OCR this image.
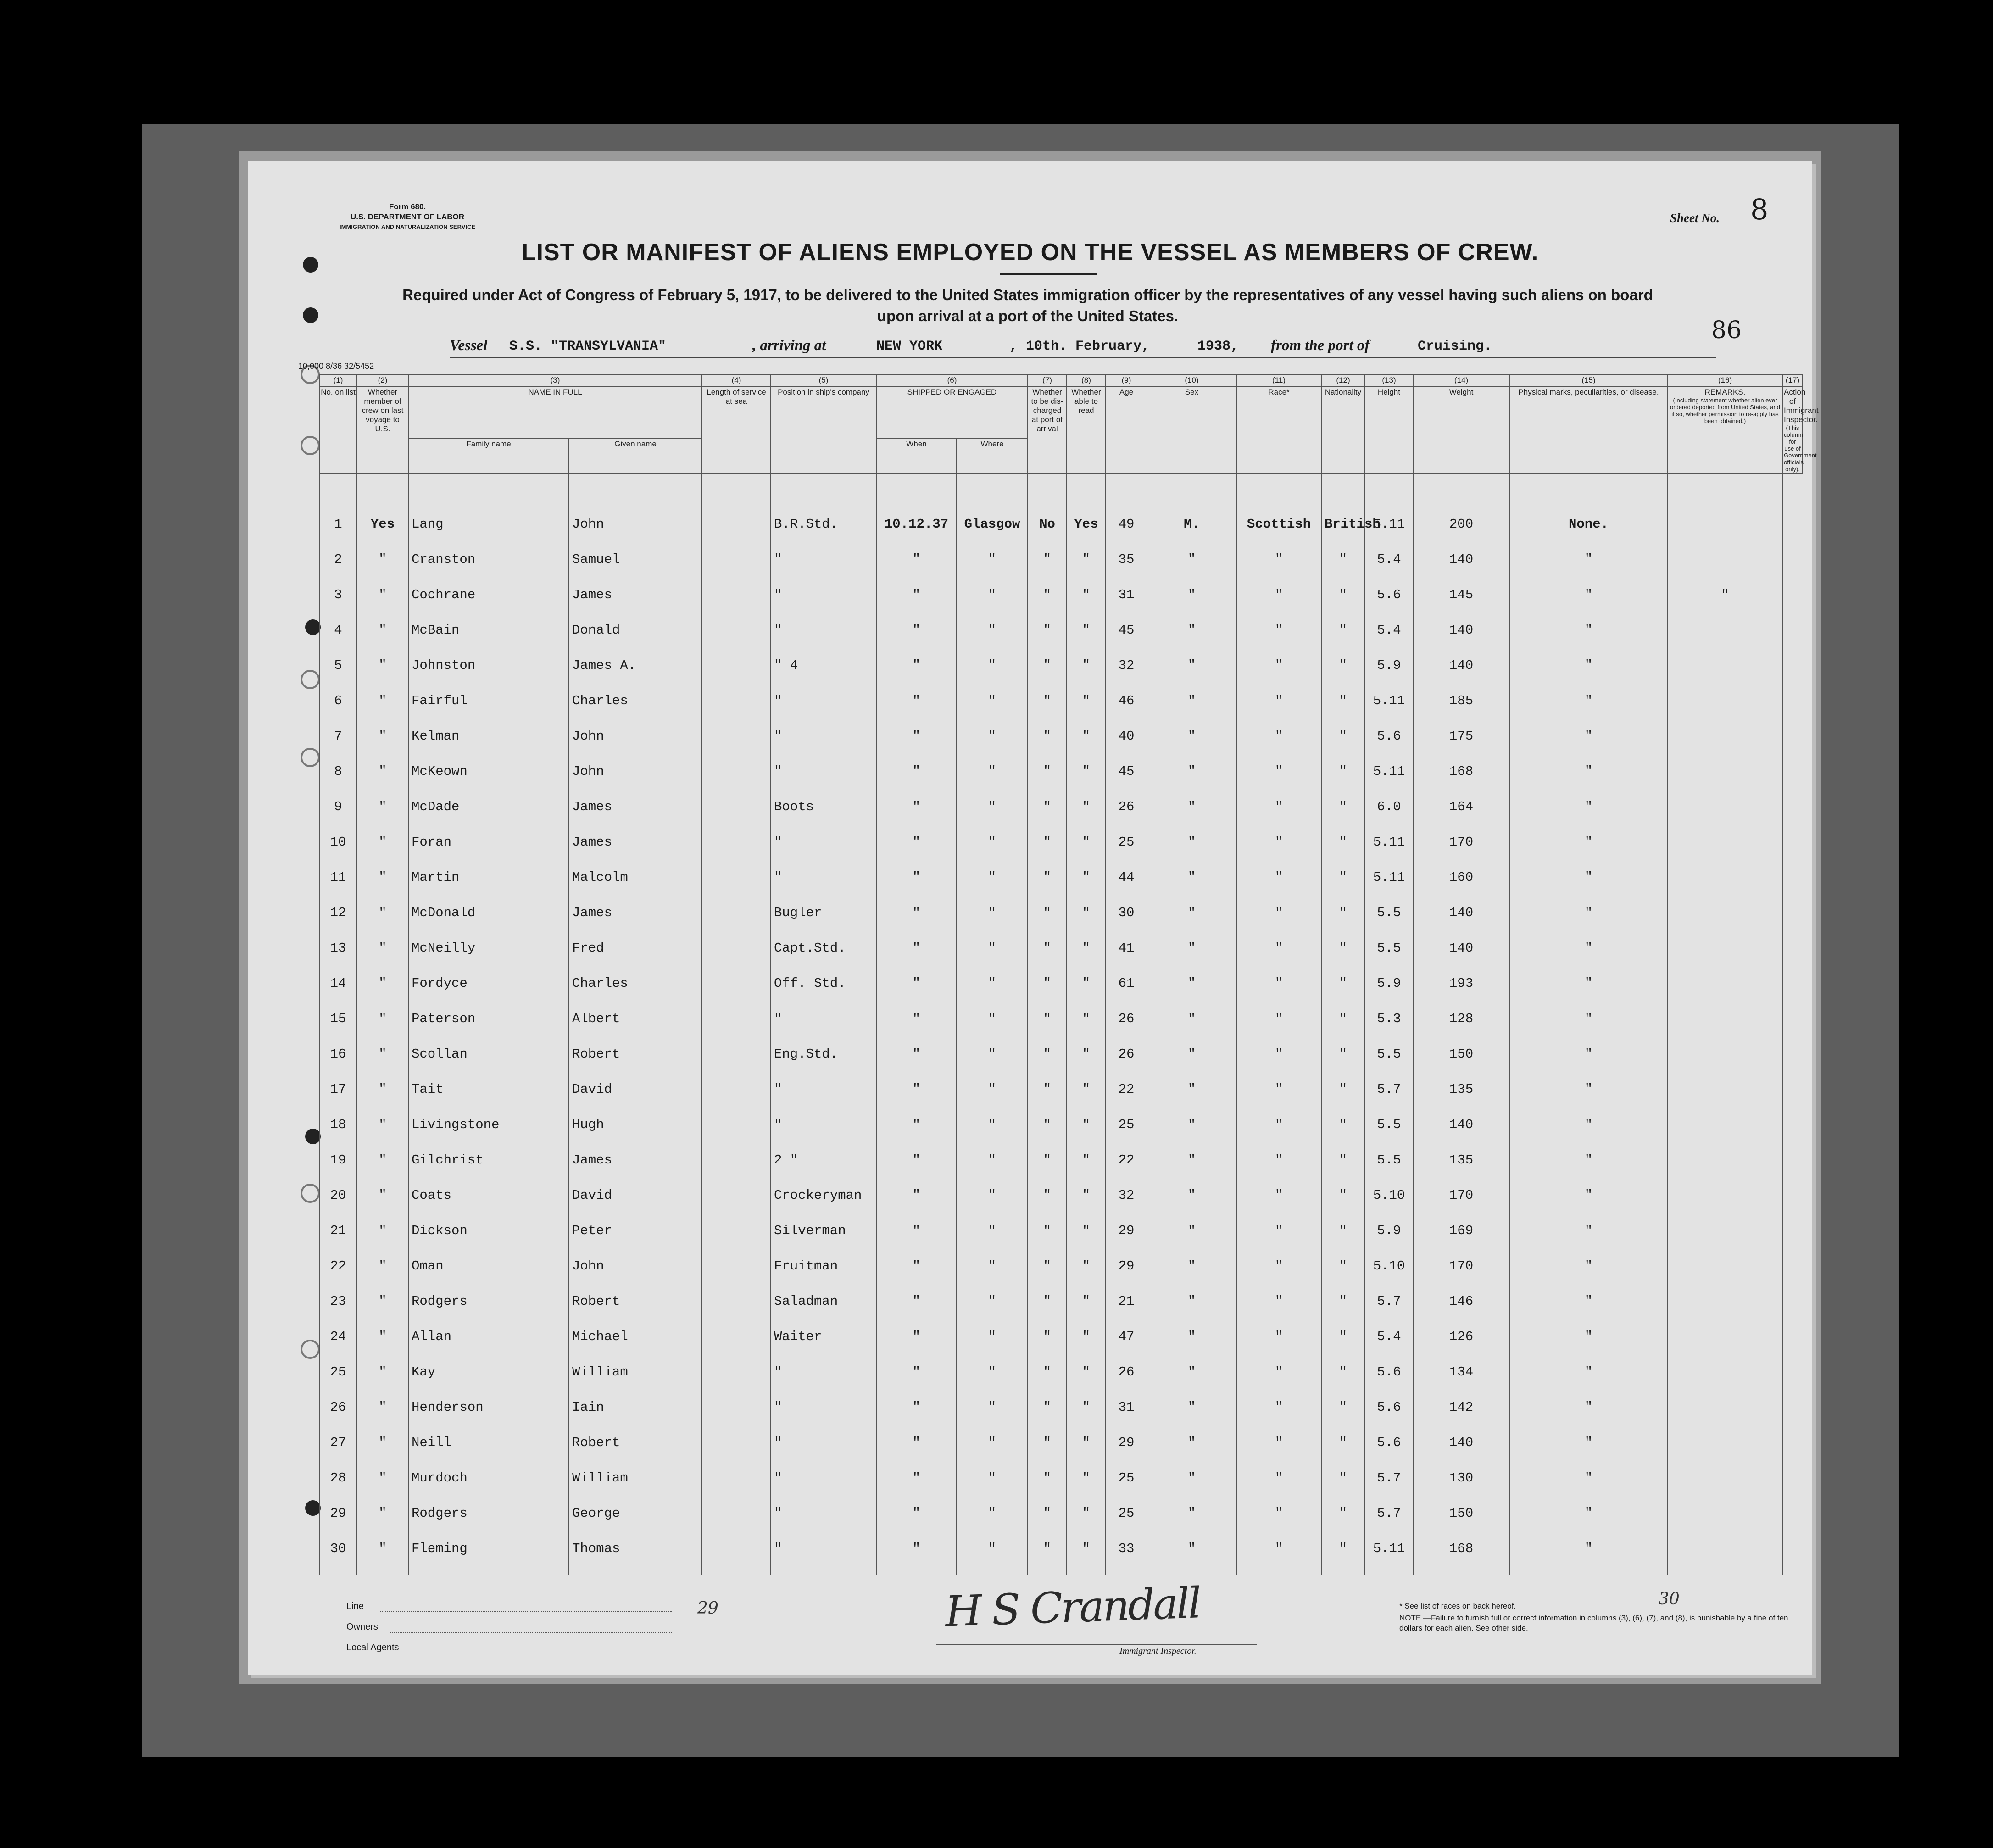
Form 680.
U.S. DEPARTMENT OF LABOR
IMMIGRATION AND NATURALIZATION SERVICE
Sheet No. 8
LIST OR MANIFEST OF ALIENS EMPLOYED ON THE VESSEL AS MEMBERS OF CREW.
Required under Act of Congress of February 5, 1917, to be delivered to the United States immigration officer by the representatives of any vessel having such aliens on board upon arrival at a port of the United States.
Vessel S.S. "TRANSYLVANIA"	, arriving at	NEW YORK	, 10th. February,	1938, from the port of	Cruising.
86
10,000 8/36 32/5452
(1)	(2)	(3)		(4)	(5)	(6)		(7)	(8)	(9)	(10)	(11)	(12)	(13)	(14)	(15)	(16)	(17)
No. on list	Whether member of crew on last voyage to U.S.	NAME IN FULL		Length of service at sea	Position in ship's company	SHIPPED OR ENGAGED		Whether to be dis-charged at port of arrival	Whether able to read	Age	Sex	Race*	Nationality	Height	Weight	Physical marks, peculiarities, or disease.	REMARKS.
(Including statement whether alien ever ordered deported from United States, and if so, whether permission to re-apply has been obtained.)	Action of Immigrant Inspector.
(This column for use of Government officials only).

		Family name	Given name			When	Where											

1	Yes	Lang	John		B.R.Std.	10.12.37	Glasgow	No	Yes	49	M.	Scottish	British	5.11	200	None.		
2	"	Cranston	Samuel		"	"	"	"	"	35	"	"	"	5.4	140	"		
3	"	Cochrane	James		"	"	"	"	"	31	"	"	"	5.6	145	"	"	
4	"	McBain	Donald		"	"	"	"	"	45	"	"	"	5.4	140	"		
5	"	Johnston	James A.		" 4	"	"	"	"	32	"	"	"	5.9	140	"		
6	"	Fairful	Charles		"	"	"	"	"	46	"	"	"	5.11	185	"		
7	"	Kelman	John		"	"	"	"	"	40	"	"	"	5.6	175	"		
8	"	McKeown	John		"	"	"	"	"	45	"	"	"	5.11	168	"		
9	"	McDade	James		Boots	"	"	"	"	26	"	"	"	6.0	164	"		
10	"	Foran	James		"	"	"	"	"	25	"	"	"	5.11	170	"		
11	"	Martin	Malcolm		"	"	"	"	"	44	"	"	"	5.11	160	"		
12	"	McDonald	James		Bugler	"	"	"	"	30	"	"	"	5.5	140	"		
13	"	McNeilly	Fred		Capt.Std.	"	"	"	"	41	"	"	"	5.5	140	"		
14	"	Fordyce	Charles		Off. Std.	"	"	"	"	61	"	"	"	5.9	193	"		
15	"	Paterson	Albert		"	"	"	"	"	26	"	"	"	5.3	128	"		
16	"	Scollan	Robert		Eng.Std.	"	"	"	"	26	"	"	"	5.5	150	"		
17	"	Tait	David		"	"	"	"	"	22	"	"	"	5.7	135	"		
18	"	Livingstone	Hugh		"	"	"	"	"	25	"	"	"	5.5	140	"		
19	"	Gilchrist	James		2 "	"	"	"	"	22	"	"	"	5.5	135	"		
20	"	Coats	David		Crockeryman	"	"	"	"	32	"	"	"	5.10	170	"		
21	"	Dickson	Peter		Silverman	"	"	"	"	29	"	"	"	5.9	169	"		
22	"	Oman	John		Fruitman	"	"	"	"	29	"	"	"	5.10	170	"		
23	"	Rodgers	Robert		Saladman	"	"	"	"	21	"	"	"	5.7	146	"		
24	"	Allan	Michael		Waiter	"	"	"	"	47	"	"	"	5.4	126	"		
25	"	Kay	William		"	"	"	"	"	26	"	"	"	5.6	134	"		
26	"	Henderson	Iain		"	"	"	"	"	31	"	"	"	5.6	142	"		
27	"	Neill	Robert		"	"	"	"	"	29	"	"	"	5.6	140	"		
28	"	Murdoch	William		"	"	"	"	"	25	"	"	"	5.7	130	"		
29	"	Rodgers	George		"	"	"	"	"	25	"	"	"	5.7	150	"		
30	"	Fleming	Thomas		"	"	"	"	"	33	"	"	"	5.11	168	"		

Line
Owners
Local Agents
29	30
H S Crandall
Immigrant Inspector.
* See list of races on back hereof.
NOTE.—Failure to furnish full or correct information in columns (3), (6), (7), and (8), is punishable by a fine of ten dollars for each alien. See other side.
